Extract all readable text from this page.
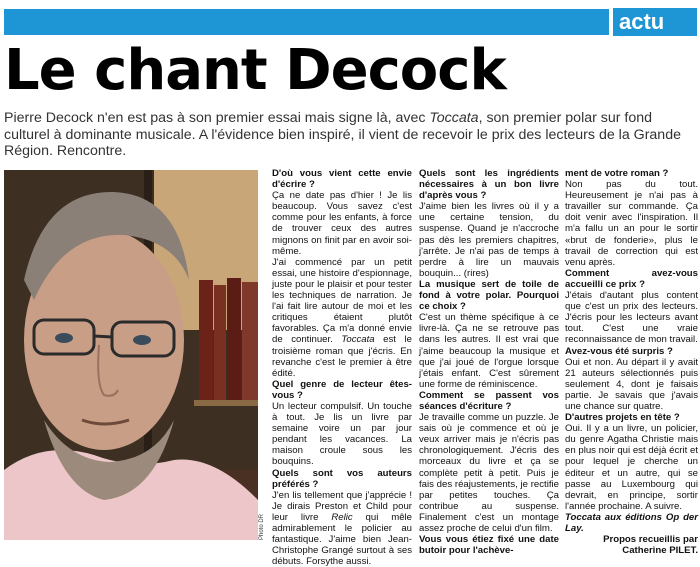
actu
Le chant Decock

Pierre Decock n'en est pas à son premier essai mais signe là, avec Toccata, son premier polar sur fond culturel à dominante musicale. A l'évidence bien inspiré, il vient de recevoir le prix des lecteurs de la Grande Région. Rencontre.

Photo DR
D'où vous vient cette envie d'écrire ?

Ça ne date pas d'hier ! Je lis beaucoup. Vous savez c'est comme pour les enfants, à force de trouver ceux des autres mignons on finit par en avoir soi-même.

J'ai commencé par un petit essai, une histoire d'espionnage, juste pour le plaisir et pour tester les techniques de narration. Je l'ai fait lire autour de moi et les critiques étaient plutôt favorables. Ça m'a donné envie de continuer. Toccata est le troisième roman que j'écris. En revanche c'est le premier à être édité.

Quel genre de lecteur êtes-vous ?

Un lecteur compulsif. Un touche à tout. Je lis un livre par semaine voire un par jour pendant les vacances. La maison croule sous les bouquins.

Quels sont vos auteurs préférés ?

J'en lis tellement que j'apprécie ! Je dirais Preston et Child pour leur livre Relic qui mêle admirablement le policier au fantastique. J'aime bien Jean-Christophe Grangé surtout à ses débuts. Forsythe aussi.

Quels sont les ingrédients nécessaires à un bon livre d'après vous ?

J'aime bien les livres où il y a une certaine tension, du suspense. Quand je n'accroche pas dès les premiers chapitres, j'arrête. Je n'ai pas de temps à perdre à lire un mauvais bouquin... (rires)

La musique sert de toile de fond à votre polar. Pourquoi ce choix ?

C'est un thème spécifique à ce livre-là. Ça ne se retrouve pas dans les autres. Il est vrai que j'aime beaucoup la musique et que j'ai joué de l'orgue lorsque j'étais enfant. C'est sûrement une forme de réminiscence.

Comment se passent vos séances d'écriture ?

Je travaille comme un puzzle. Je sais où je commence et où je veux arriver mais je n'écris pas chronologiquement. J'écris des morceaux du livre et ça se complète petit à petit. Puis je fais des réajustements, je rectifie par petites touches. Ça contribue au suspense. Finalement c'est un montage assez proche de celui d'un film.

Vous vous étiez fixé une date butoir pour l'achève-
ment de votre roman ?

Non pas du tout. Heureusement je n'ai pas à travailler sur commande. Ça doit venir avec l'inspiration. Il m'a fallu un an pour le sortir «brut de fonderie», plus le travail de correction qui est venu après.

Comment avez-vous accueilli ce prix ?

J'étais d'autant plus content que c'est un prix des lecteurs. J'écris pour les lecteurs avant tout. C'est une vraie reconnaissance de mon travail.

Avez-vous été surpris ?

Oui et non. Au départ il y avait 21 auteurs sélectionnés puis seulement 4, dont je faisais partie. Je savais que j'avais une chance sur quatre.

D'autres projets en tête ?

Oui. Il y a un livre, un policier, du genre Agatha Christie mais en plus noir qui est déjà écrit et pour lequel je cherche un éditeur et un autre, qui se passe au Luxembourg qui devrait, en principe, sortir l'année prochaine. A suivre.

Toccata aux éditions Op der Lay.

Propos recueillis par

Catherine PILET.
